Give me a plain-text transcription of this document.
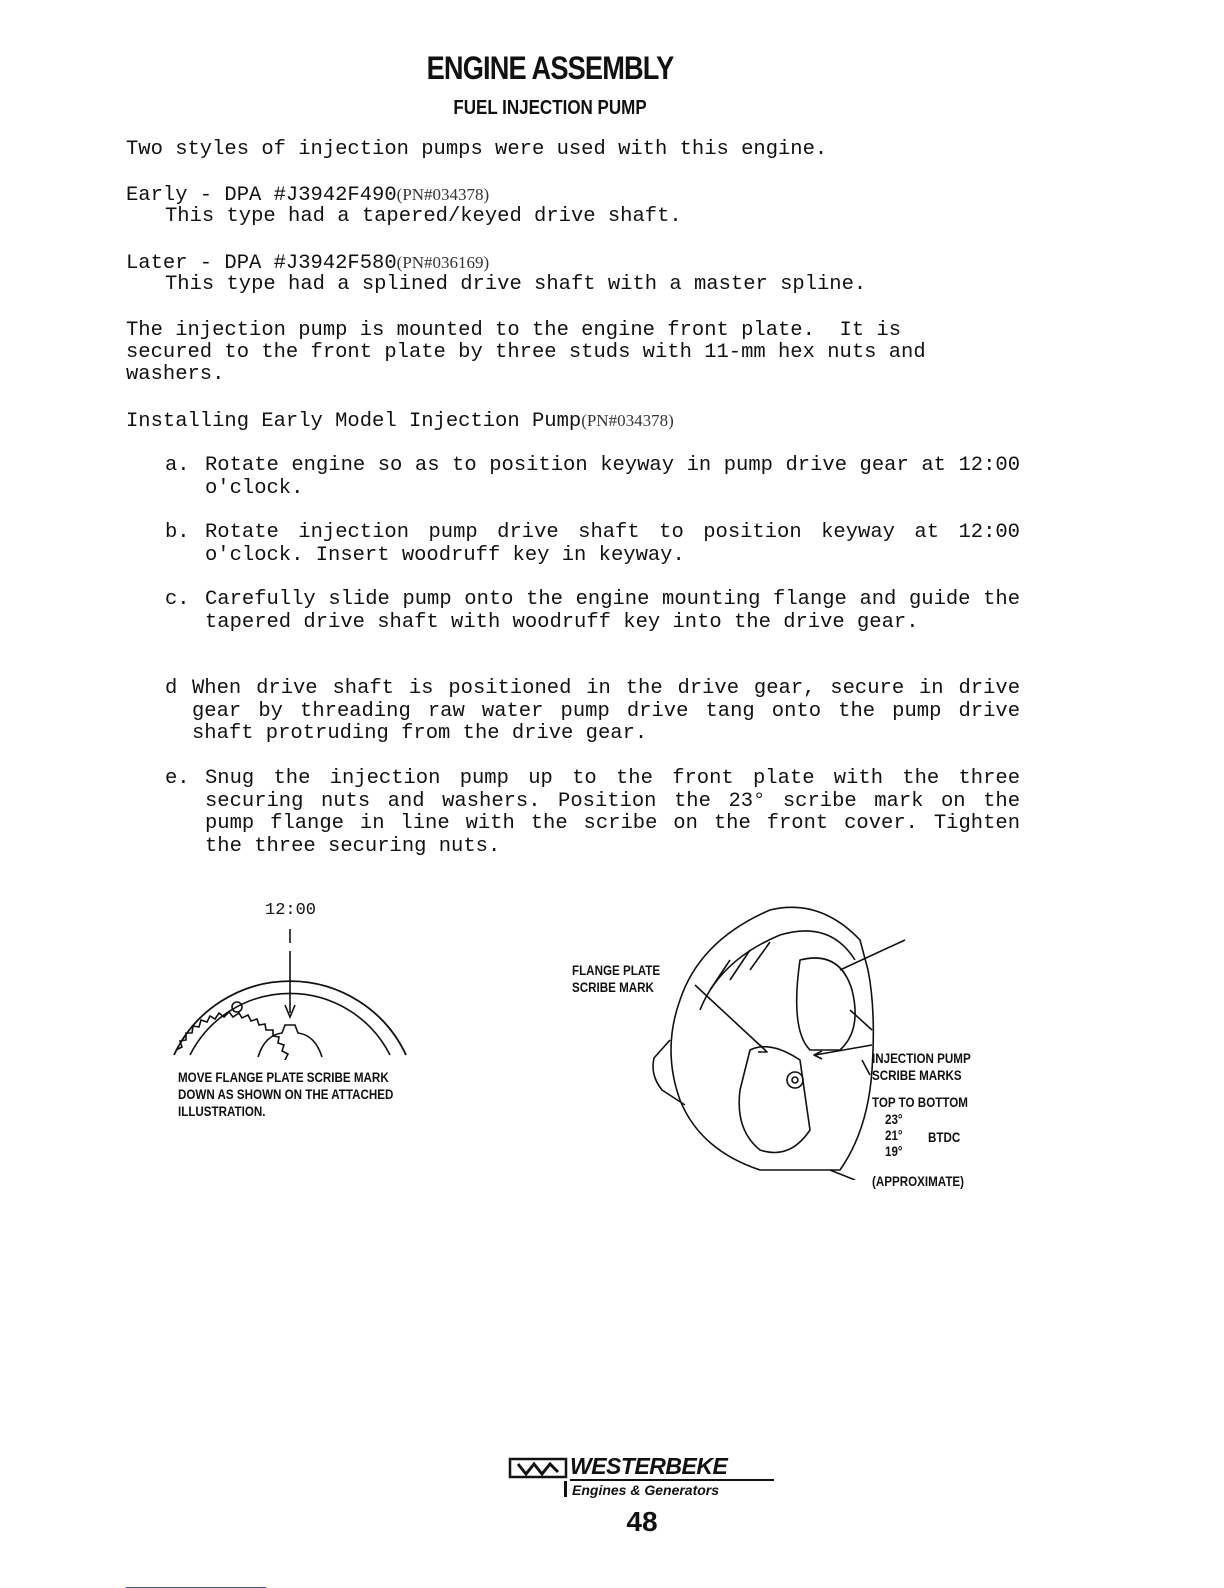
ENGINE ASSEMBLY
FUEL INJECTION PUMP
Two styles of injection pumps were used with this engine.
Early - DPA #J3942F490(PN#034378)
This type had a tapered/keyed drive shaft.
Later - DPA #J3942F580(PN#036169)
This type had a splined drive shaft with a master spline.
The injection pump is mounted to the engine front plate.  It is
secured to the front plate by three studs with 11-mm hex nuts and
washers.
Installing Early Model Injection Pump(PN#034378)
a. Rotate engine so as to position keyway in pump drive gear at 12:00 o'clock.
b. Rotate injection pump drive shaft to position keyway at 12:00 o'clock. Insert woodruff key in keyway.
c. Carefully slide pump onto the engine mounting flange and guide the tapered drive shaft with woodruff key into the drive gear.
d When drive shaft is positioned in the drive gear, secure in drive gear by threading raw water pump drive tang onto the pump drive shaft protruding from the drive gear.
e. Snug the injection pump up to the front plate with the three securing nuts and washers. Position the 23° scribe mark on the pump flange in line with the scribe on the front cover. Tighten the three securing nuts.
12:00
MOVE FLANGE PLATE SCRIBE MARK
DOWN AS SHOWN ON THE ATTACHED
ILLUSTRATION.
FLANGE PLATE
SCRIBE MARK
INJECTION PUMP
SCRIBE MARKS
TOP TO BOTTOM
23°
21°
19°
BTDC
(APPROXIMATE)
WESTERBEKE
Engines & Generators
48
